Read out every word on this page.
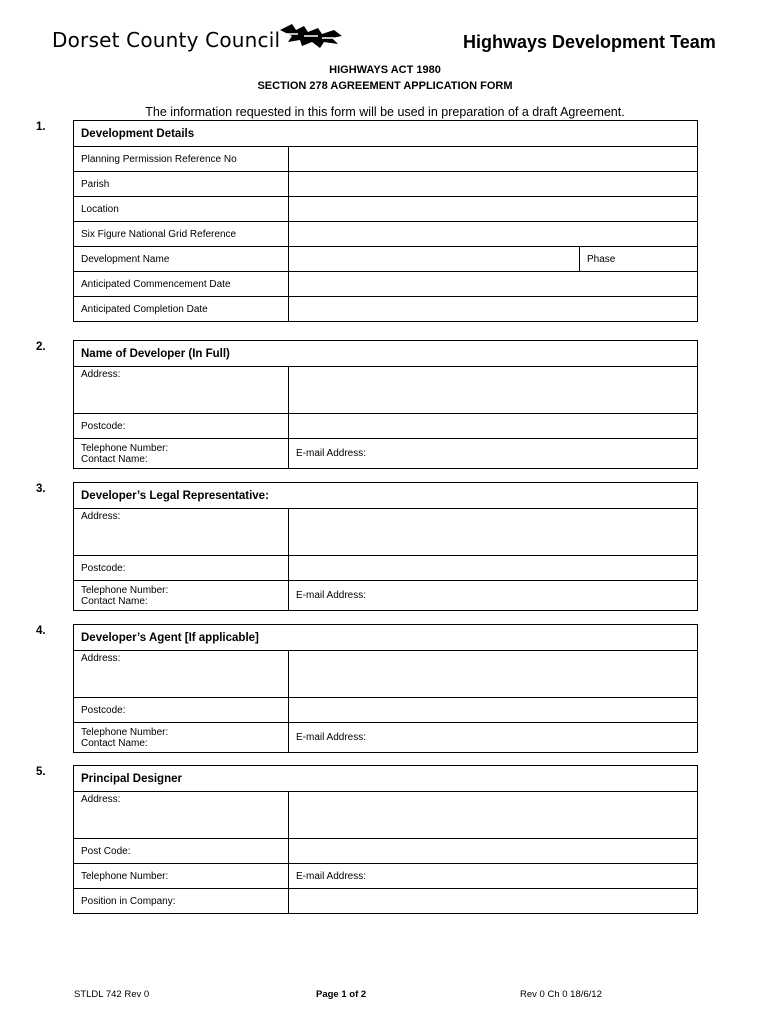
Dorset County Council	Highways Development Team
HIGHWAYS ACT 1980
SECTION 278 AGREEMENT APPLICATION FORM
The information requested in this form will be used in preparation of a draft Agreement.
1.
Development Details		
Planning Permission Reference No		
Parish		
Location		
Six Figure National Grid Reference		
Development Name		Phase
Anticipated Commencement Date		
Anticipated Completion Date		
2.
Name of Developer (In Full)	
Address:	
Postcode:	

Telephone Number:
Contact Name:	E-mail Address:
3.
Developer’s Legal Representative:	
Address:	
Postcode:	

Telephone Number:
Contact Name:	E-mail Address:
4.
Developer’s Agent [If applicable]	
Address:	
Postcode:	

Telephone Number:
Contact Name:	E-mail Address:
5.
Principal Designer	
Address:	
Post Code:	
Telephone Number:	E-mail Address:
Position in Company:	
STLDL 742 Rev 0	Page 1 of 2	Rev 0 Ch 0 18/6/12
